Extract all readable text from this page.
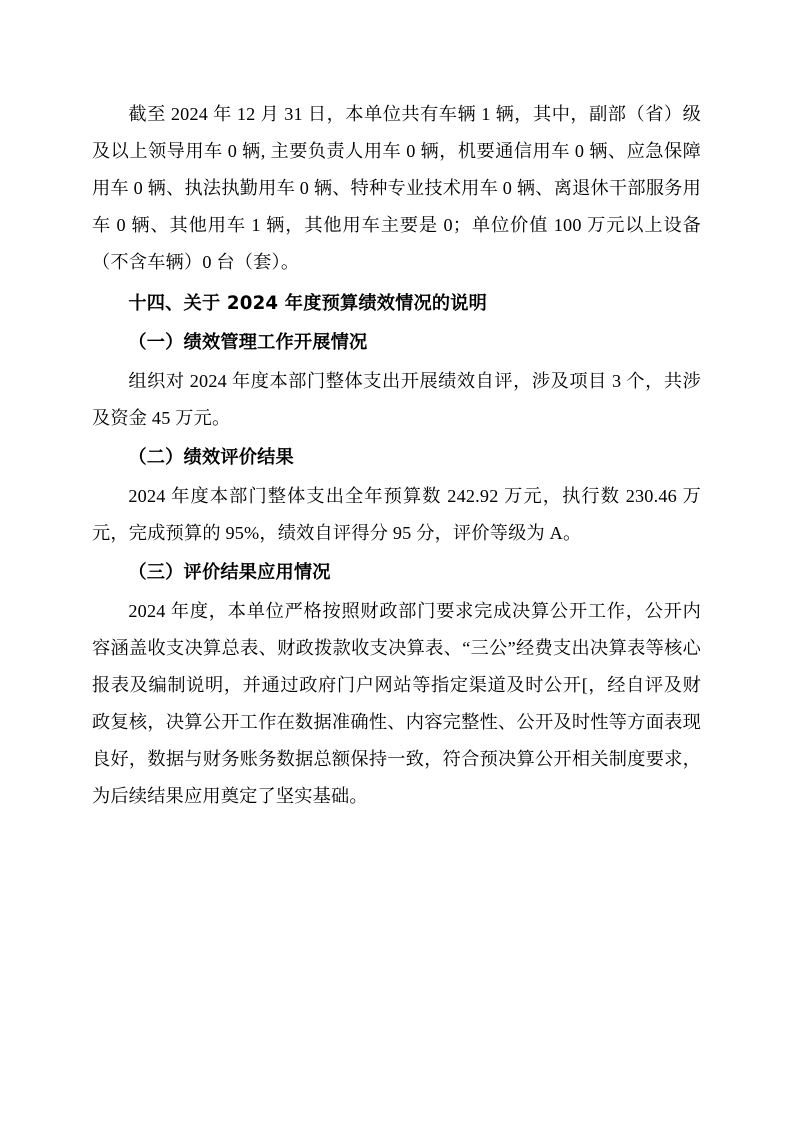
截至 2024 年 12 月 31 日，本单位共有车辆 1 辆，其中，副部（省）级及以上领导用车 0 辆, 主要负责人用车 0 辆，机要通信用车 0 辆、应急保障用车 0 辆、执法执勤用车 0 辆、特种专业技术用车 0 辆、离退休干部服务用车 0 辆、其他用车 1 辆，其他用车主要是 0；单位价值 100 万元以上设备（不含车辆）0 台（套）。

十四、关于 2024 年度预算绩效情况的说明
（一）绩效管理工作开展情况

组织对 2024 年度本部门整体支出开展绩效自评，涉及项目 3 个，共涉及资金 45 万元。

（二）绩效评价结果

2024 年度本部门整体支出全年预算数 242.92 万元，执行数 230.46 万元，完成预算的 95%，绩效自评得分 95 分，评价等级为 A。

（三）评价结果应用情况

2024 年度，本单位严格按照财政部门要求完成决算公开工作，公开内容涵盖收支决算总表、财政拨款收支决算表、“三公”经费支出决算表等核心报表及编制说明，并通过政府门户网站等指定渠道及时公开[，经自评及财政复核，决算公开工作在数据准确性、内容完整性、公开及时性等方面表现良好，数据与财务账务数据总额保持一致，符合预决算公开相关制度要求，为后续结果应用奠定了坚实基础。
